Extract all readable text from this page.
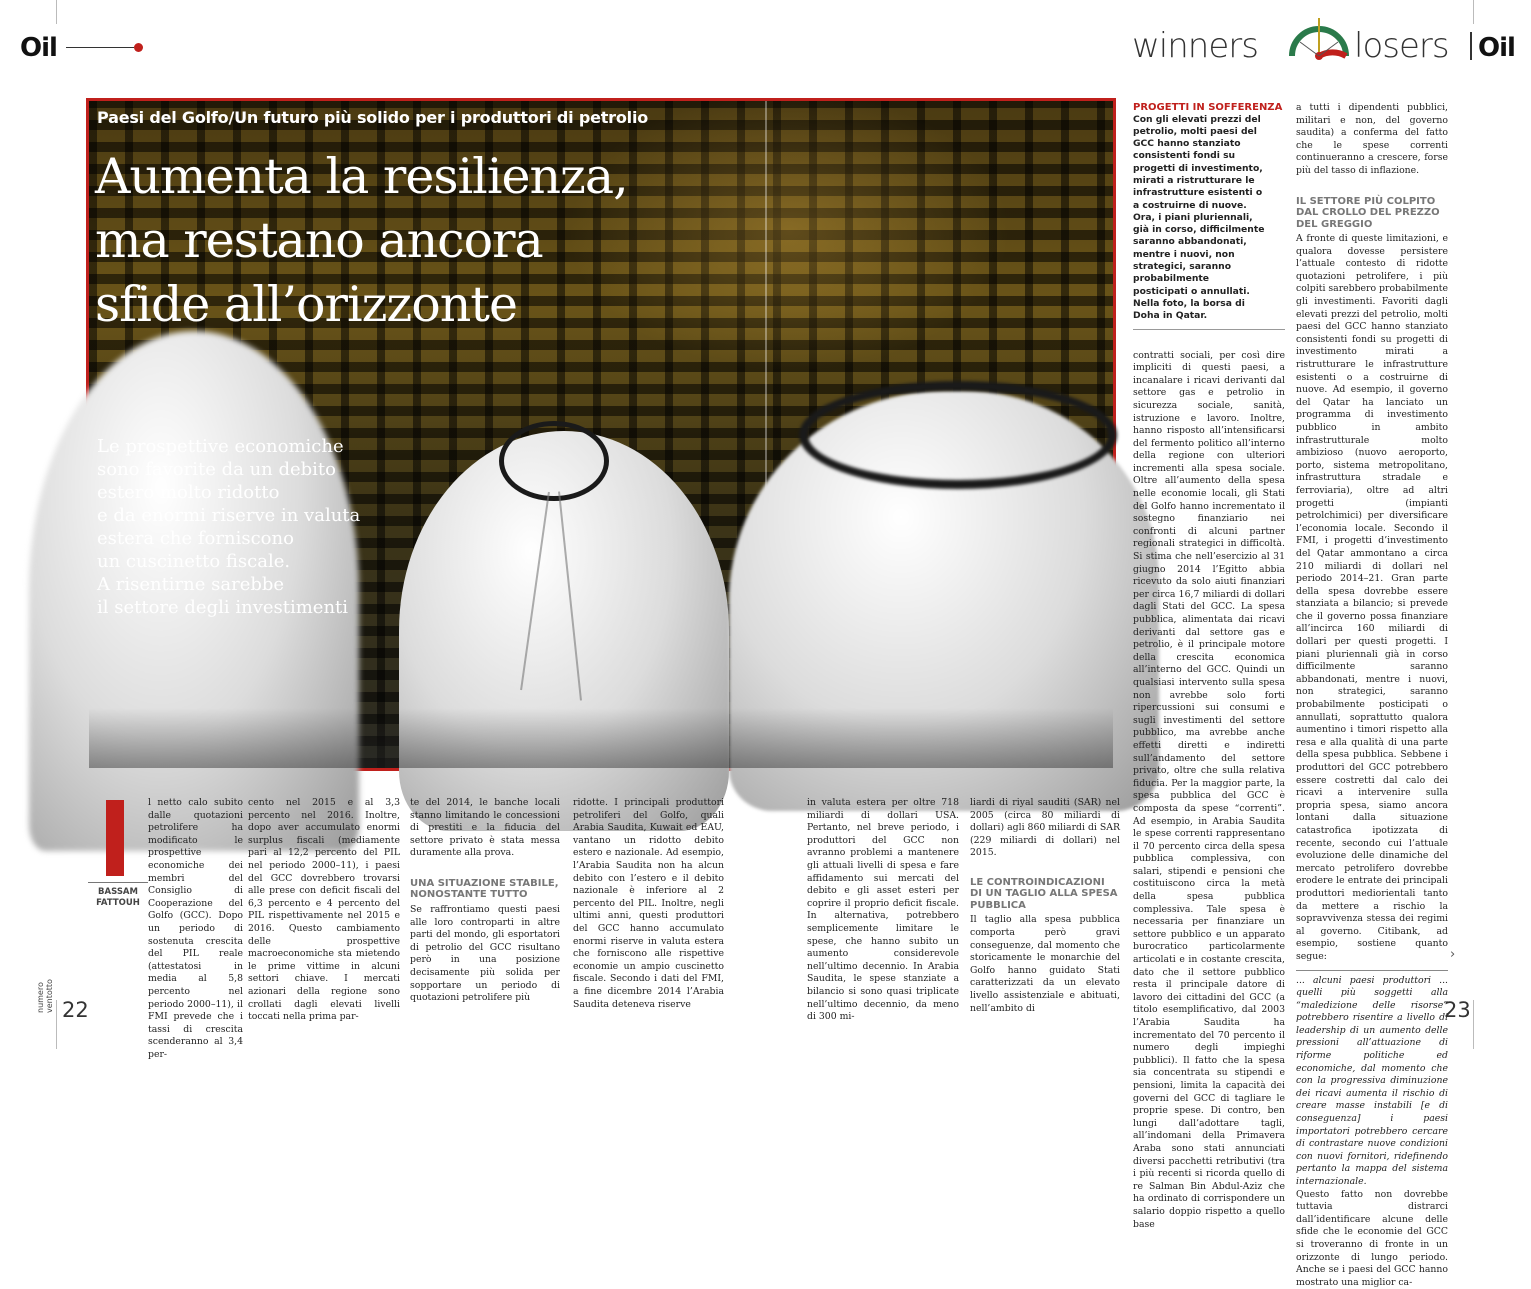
Oil	winners	losers Oil
Paesi del Golfo/Un futuro più solido per i produttori di petrolio
Aumenta la resilienza,
ma restano ancora
sfide all’orizzonte
Le prospettive economiche
sono favorite da un debito
estero molto ridotto
e da enormi riserve in valuta
estera che forniscono
un cuscinetto fiscale.
A risentirne sarebbe
il settore degli investimenti
BASSAM
FATTOUH
l netto calo subito dalle quotazioni petrolifere ha modificato le prospettive economiche dei membri del Consiglio di Cooperazione del Golfo (GCC). Dopo un periodo di sostenuta crescita del PIL reale (attestatosi in media al 5,8 percento nel periodo 2000–11), il FMI prevede che i tassi di crescita scenderanno al 3,4 per-
cento nel 2015 e al 3,3 percento nel 2016. Inoltre, dopo aver accumulato enormi surplus fiscali (mediamente pari al 12,2 percento del PIL nel periodo 2000–11), i paesi del GCC dovrebbero trovarsi alle prese con deficit fiscali del 6,3 percento e 4 percento del PIL rispettivamente nel 2015 e 2016. Questo cambiamento delle prospettive macroeconomiche sta mietendo le prime vittime in alcuni settori chiave. I mercati azionari della regione sono crollati dagli elevati livelli toccati nella prima par-
te del 2014, le banche locali stanno limitando le concessioni di prestiti e la fiducia del settore privato è stata messa duramente alla prova.
UNA SITUAZIONE STABILE, NONOSTANTE TUTTO
Se raffrontiamo questi paesi alle loro controparti in altre parti del mondo, gli esportatori di petrolio del GCC risultano però in una posizione decisamente più solida per sopportare un periodo di quotazioni petrolifere più
ridotte. I principali produttori petroliferi del Golfo, quali Arabia Saudita, Kuwait ed EAU, vantano un ridotto debito estero e nazionale. Ad esempio, l’Arabia Saudita non ha alcun debito con l’estero e il debito nazionale è inferiore al 2 percento del PIL. Inoltre, negli ultimi anni, questi produttori del GCC hanno accumulato enormi riserve in valuta estera che forniscono alle rispettive economie un ampio cuscinetto fiscale. Secondo i dati del FMI, a fine dicembre 2014 l’Arabia Saudita deteneva riserve
in valuta estera per oltre 718 miliardi di dollari USA. Pertanto, nel breve periodo, i produttori del GCC non avranno problemi a mantenere gli attuali livelli di spesa e fare affidamento sui mercati del debito e gli asset esteri per coprire il proprio deficit fiscale. In alternativa, potrebbero semplicemente limitare le spese, che hanno subito un aumento considerevole nell’ultimo decennio. In Arabia Saudita, le spese stanziate a bilancio si sono quasi triplicate nell’ultimo decennio, da meno di 300 mi-
liardi di riyal sauditi (SAR) nel 2005 (circa 80 miliardi di dollari) agli 860 miliardi di SAR (229 miliardi di dollari) nel 2015.
LE CONTROINDICAZIONI DI UN TAGLIO ALLA SPESA PUBBLICA
Il taglio alla spesa pubblica comporta però gravi conseguenze, dal momento che storicamente le monarchie del Golfo hanno guidato Stati caratterizzati da un elevato livello assistenziale e abituati, nell’ambito di
PROGETTI IN SOFFERENZA
Con gli elevati prezzi del petrolio, molti paesi del GCC hanno stanziato consistenti fondi su progetti di investimento, mirati a ristrutturare le infrastrutture esistenti o a costruirne di nuove. Ora, i piani pluriennali, già in corso, difficilmente saranno abbandonati, mentre i nuovi, non strategici, saranno probabilmente posticipati o annullati. Nella foto, la borsa di Doha in Qatar.
contratti sociali, per così dire impliciti di questi paesi, a incanalare i ricavi derivanti dal settore gas e petrolio in sicurezza sociale, sanità, istruzione e lavoro. Inoltre, hanno risposto all’intensificarsi del fermento politico all’interno della regione con ulteriori incrementi alla spesa sociale. Oltre all’aumento della spesa nelle economie locali, gli Stati del Golfo hanno incrementato il sostegno finanziario nei confronti di alcuni partner regionali strategici in difficoltà. Si stima che nell’esercizio al 31 giugno 2014 l’Egitto abbia ricevuto da solo aiuti finanziari per circa 16,7 miliardi di dollari dagli Stati del GCC. La spesa pubblica, alimentata dai ricavi derivanti dal settore gas e petrolio, è il principale motore della crescita economica all’interno del GCC. Quindi un qualsiasi intervento sulla spesa non avrebbe solo forti ripercussioni sui consumi e sugli investimenti del settore pubblico, ma avrebbe anche effetti diretti e indiretti sull’andamento del settore privato, oltre che sulla relativa fiducia. Per la maggior parte, la spesa pubblica del GCC è composta da spese “correnti”. Ad esempio, in Arabia Saudita le spese correnti rappresentano il 70 percento circa della spesa pubblica complessiva, con salari, stipendi e pensioni che costituiscono circa la metà della spesa pubblica complessiva. Tale spesa è necessaria per finanziare un settore pubblico e un apparato burocratico particolarmente articolati e in costante crescita, dato che il settore pubblico resta il principale datore di lavoro dei cittadini del GCC (a titolo esemplificativo, dal 2003 l’Arabia Saudita ha incrementato del 70 percento il numero degli impieghi pubblici). Il fatto che la spesa sia concentrata su stipendi e pensioni, limita la capacità dei governi del GCC di tagliare le proprie spese. Di contro, ben lungi dall’adottare tagli, all’indomani della Primavera Araba sono stati annunciati diversi pacchetti retributivi (tra i più recenti si ricorda quello di re Salman Bin Abdul-Aziz che ha ordinato di corrispondere un salario doppio rispetto a quello base
a tutti i dipendenti pubblici, militari e non, del governo saudita) a conferma del fatto che le spese correnti continueranno a crescere, forse più del tasso di inflazione.
IL SETTORE PIÙ COLPITO DAL CROLLO DEL PREZZO DEL GREGGIO
A fronte di queste limitazioni, e qualora dovesse persistere l’attuale contesto di ridotte quotazioni petrolifere, i più colpiti sarebbero probabilmente gli investimenti. Favoriti dagli elevati prezzi del petrolio, molti paesi del GCC hanno stanziato consistenti fondi su progetti di investimento mirati a ristrutturare le infrastrutture esistenti o a costruirne di nuove. Ad esempio, il governo del Qatar ha lanciato un programma di investimento pubblico in ambito infrastrutturale molto ambizioso (nuovo aeroporto, porto, sistema metropolitano, infrastruttura stradale e ferroviaria), oltre ad altri progetti (impianti petrolchimici) per diversificare l’economia locale. Secondo il FMI, i progetti d’investimento del Qatar ammontano a circa 210 miliardi di dollari nel periodo 2014–21. Gran parte della spesa dovrebbe essere stanziata a bilancio; si prevede che il governo possa finanziare all’incirca 160 miliardi di dollari per questi progetti. I piani pluriennali già in corso difficilmente saranno abbandonati, mentre i nuovi, non strategici, saranno probabilmente posticipati o annullati, soprattutto qualora aumentino i timori rispetto alla resa e alla qualità di una parte della spesa pubblica. Sebbene i produttori del GCC potrebbero essere costretti dal calo dei ricavi a intervenire sulla propria spesa, siamo ancora lontani dalla situazione catastrofica ipotizzata di recente, secondo cui l’attuale evoluzione delle dinamiche del mercato petrolifero dovrebbe erodere le entrate dei principali produttori mediorientali tanto da mettere a rischio la sopravvivenza stessa dei regimi al governo. Citibank, ad esempio, sostiene quanto segue:
... alcuni paesi produttori ... quelli più soggetti alla “maledizione delle risorse” potrebbero risentire a livello di leadership di un aumento delle pressioni all’attuazione di riforme politiche ed economiche, dal momento che con la progressiva diminuzione dei ricavi aumenta il rischio di creare masse instabili [e di conseguenza] i paesi importatori potrebbero cercare di contrastare nuove condizioni con nuovi fornitori, ridefinendo pertanto la mappa del sistema internazionale.
Questo fatto non dovrebbe tuttavia distrarci dall’identificare alcune delle sfide che le economie del GCC si troveranno di fronte in un orizzonte di lungo periodo. Anche se i paesi del GCC hanno mostrato una miglior ca-
›
numero ventotto 22	23
